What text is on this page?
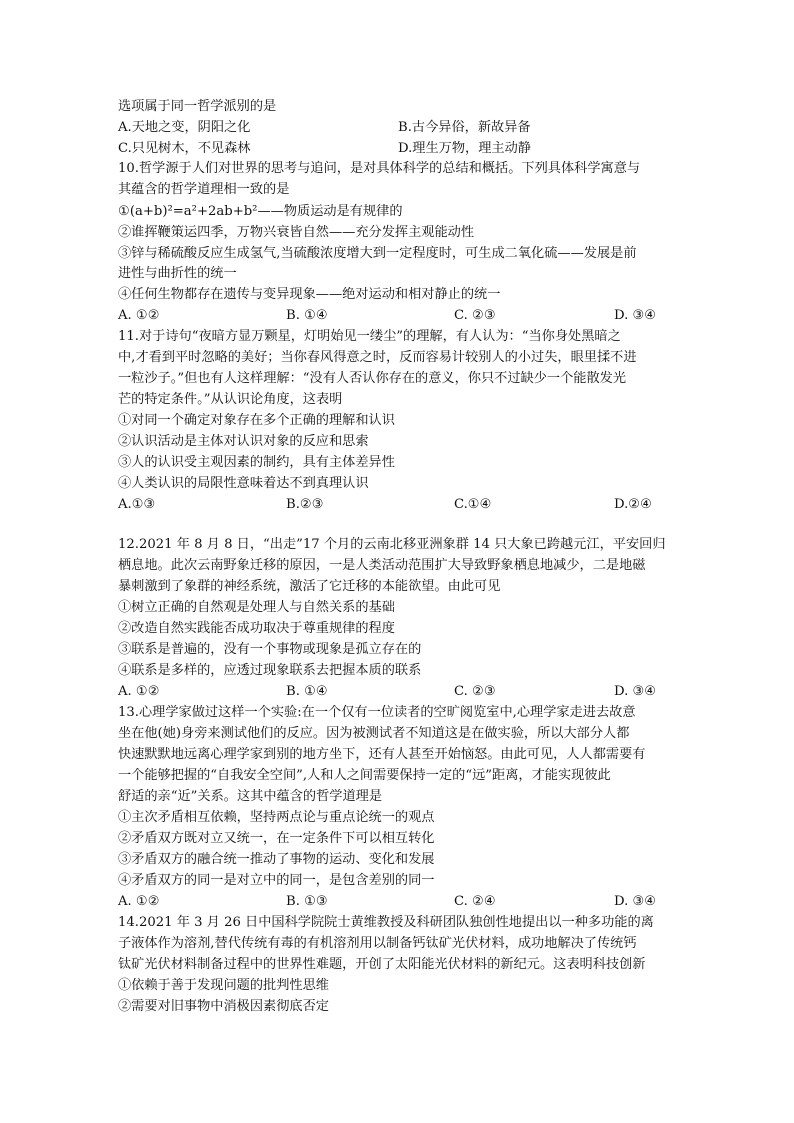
选项属于同一哲学派别的是
A.天地之变，阴阳之化	B.古今异俗，新故异备
C.只见树木，不见森林	D.理生万物，理主动静
10.哲学源于人们对世界的思考与追问，是对具体科学的总结和概括。下列具体科学寓意与
其蕴含的哲学道理相一致的是
①(a+b)²=a²+2ab+b²——物质运动是有规律的
②谁挥鞭策运四季，万物兴衰皆自然——充分发挥主观能动性
③锌与稀硫酸反应生成氢气,当硫酸浓度增大到一定程度时，可生成二氧化硫——发展是前
进性与曲折性的统一
④任何生物都存在遗传与变异现象——绝对运动和相对静止的统一
A. ①②	B. ①④	C. ②③	D. ③④
11.对于诗句“夜暗方显万颗星，灯明始见一缕尘”的理解，有人认为：“当你身处黑暗之
中,才看到平时忽略的美好；当你春风得意之时，反而容易计较别人的小过失，眼里揉不进
一粒沙子。”但也有人这样理解：“没有人否认你存在的意义，你只不过缺少一个能散发光
芒的特定条件。”从认识论角度，这表明
①对同一个确定对象存在多个正确的理解和认识
②认识活动是主体对认识对象的反应和思索
③人的认识受主观因素的制约，具有主体差异性
④人类认识的局限性意味着达不到真理认识
A.①③	B.②③	C.①④	D.②④
12.2021 年 8 月 8 日，“出走”17 个月的云南北移亚洲象群 14 只大象已跨越元江，平安回归
栖息地。此次云南野象迁移的原因，一是人类活动范围扩大导致野象栖息地减少，二是地磁
暴刺激到了象群的神经系统，激活了它迁移的本能欲望。由此可见
①树立正确的自然观是处理人与自然关系的基础
②改造自然实践能否成功取决于尊重规律的程度
③联系是普遍的，没有一个事物或现象是孤立存在的
④联系是多样的，应透过现象联系去把握本质的联系
A. ①②	B. ①④	C. ②③	D. ③④
13.心理学家做过这样一个实验:在一个仅有一位读者的空旷阅览室中,心理学家走进去故意
坐在他(她)身旁来测试他们的反应。因为被测试者不知道这是在做实验，所以大部分人都
快速默默地远离心理学家到别的地方坐下，还有人甚至开始恼怒。由此可见，人人都需要有
一个能够把握的“自我安全空间”,人和人之间需要保持一定的“远”距离，才能实现彼此
舒适的亲“近”关系。这其中蕴含的哲学道理是
①主次矛盾相互依赖，坚持两点论与重点论统一的观点
②矛盾双方既对立又统一，在一定条件下可以相互转化
③矛盾双方的融合统一推动了事物的运动、变化和发展
④矛盾双方的同一是对立中的同一，是包含差别的同一
A. ①②	B. ①③	C. ②④	D. ③④
14.2021 年 3 月 26 日中国科学院院士黄维教授及科研团队独创性地提出以一种多功能的离
子液体作为溶剂,替代传统有毒的有机溶剂用以制备钙钛矿光伏材料，成功地解决了传统钙
钛矿光伏材料制备过程中的世界性难题，开创了太阳能光伏材料的新纪元。这表明科技创新
①依赖于善于发现问题的批判性思维
②需要对旧事物中消极因素彻底否定
